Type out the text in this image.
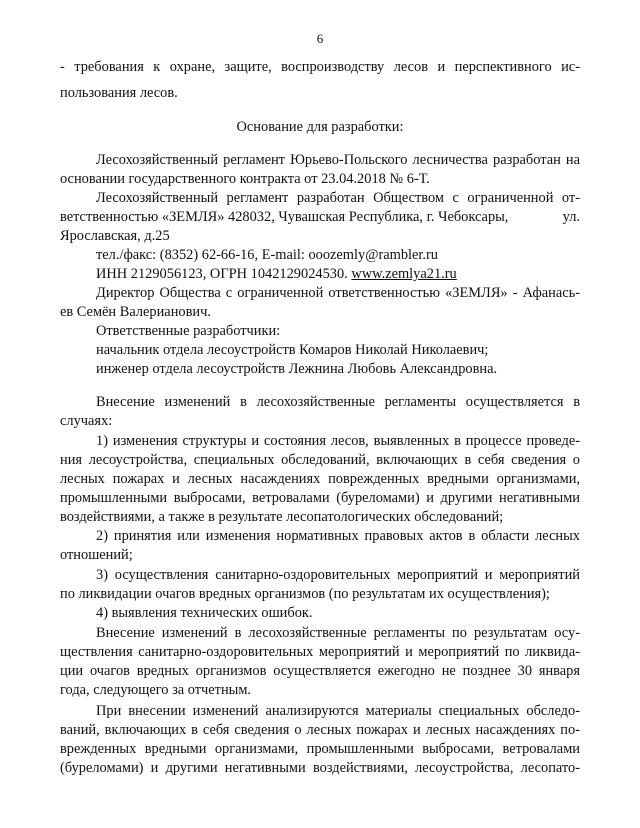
6
- требования к охране, защите, воспроизводству лесов и перспективного ис-
пользования лесов.
Основание для разработки:
Лесохозяйственный регламент Юрьево-Польского лесничества разработан на
основании государственного контракта от 23.04.2018 № 6-Т.
Лесохозяйственный регламент разработан Обществом с ограниченной от-
ветственностью «ЗЕМЛЯ» 428032, Чувашская Республика, г. Чебоксары,	ул.
Ярославская, д.25
тел./факс: (8352) 62-66-16, E-mail: ooozemly@rambler.ru
ИНН 2129056123, ОГРН 1042129024530. www.zemlya21.ru
Директор Общества с ограниченной ответственностью «ЗЕМЛЯ» - Афанась-
ев Семён Валерианович.
Ответственные разработчики:
начальник отдела лесоустройств Комаров Николай Николаевич;
инженер отдела лесоустройств Лежнина Любовь Александровна.
Внесение изменений в лесохозяйственные регламенты осуществляется в
случаях:
1) изменения структуры и состояния лесов, выявленных в процессе проведе-
ния лесоустройства, специальных обследований, включающих в себя сведения о
лесных пожарах и лесных насаждениях поврежденных вредными организмами,
промышленными выбросами, ветровалами (буреломами) и другими негативными
воздействиями, а также в результате лесопатологических обследований;
2) принятия или изменения нормативных правовых актов в области лесных
отношений;
3) осуществления санитарно-оздоровительных мероприятий и мероприятий
по ликвидации очагов вредных организмов (по результатам их осуществления);
4) выявления технических ошибок.
Внесение изменений в лесохозяйственные регламенты по результатам осу-
ществления санитарно-оздоровительных мероприятий и мероприятий по ликвида-
ции очагов вредных организмов осуществляется ежегодно не позднее 30 января
года, следующего за отчетным.
При внесении изменений анализируются материалы специальных обследо-
ваний, включающих в себя сведения о лесных пожарах и лесных насаждениях по-
врежденных вредными организмами, промышленными выбросами, ветровалами
(буреломами) и другими негативными воздействиями, лесоустройства, лесопато-
